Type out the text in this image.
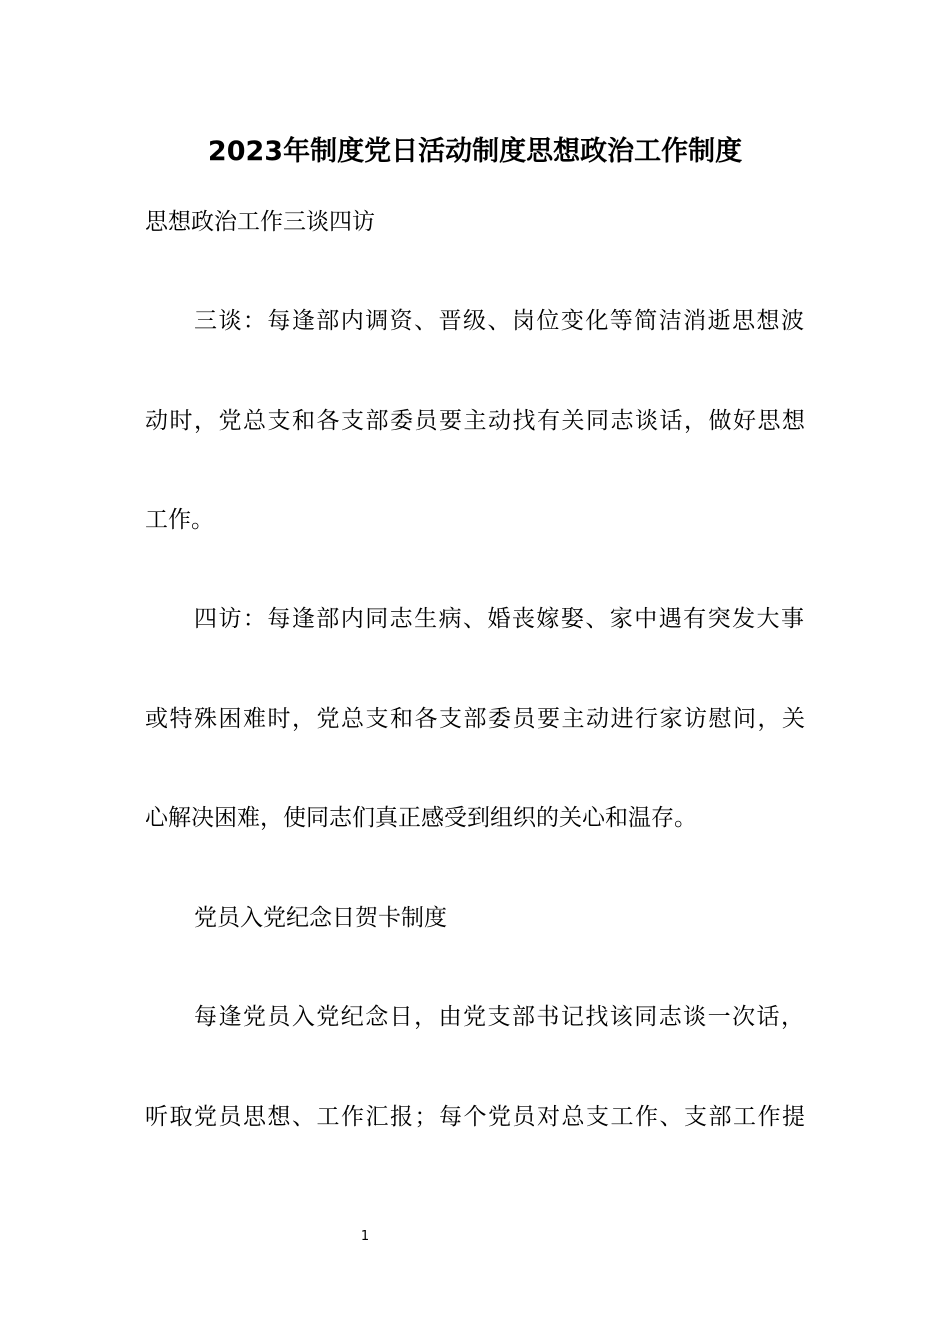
2023年制度党日活动制度思想政治工作制度
思想政治工作三谈四访
三谈：每逢部内调资、晋级、岗位变化等简洁消逝思想波
动时，党总支和各支部委员要主动找有关同志谈话，做好思想
工作。
四访：每逢部内同志生病、婚丧嫁娶、家中遇有突发大事
或特殊困难时，党总支和各支部委员要主动进行家访慰问，关
心解决困难，使同志们真正感受到组织的关心和温存。
党员入党纪念日贺卡制度
每逢党员入党纪念日，由党支部书记找该同志谈一次话，
听取党员思想、工作汇报；每个党员对总支工作、支部工作提
1
